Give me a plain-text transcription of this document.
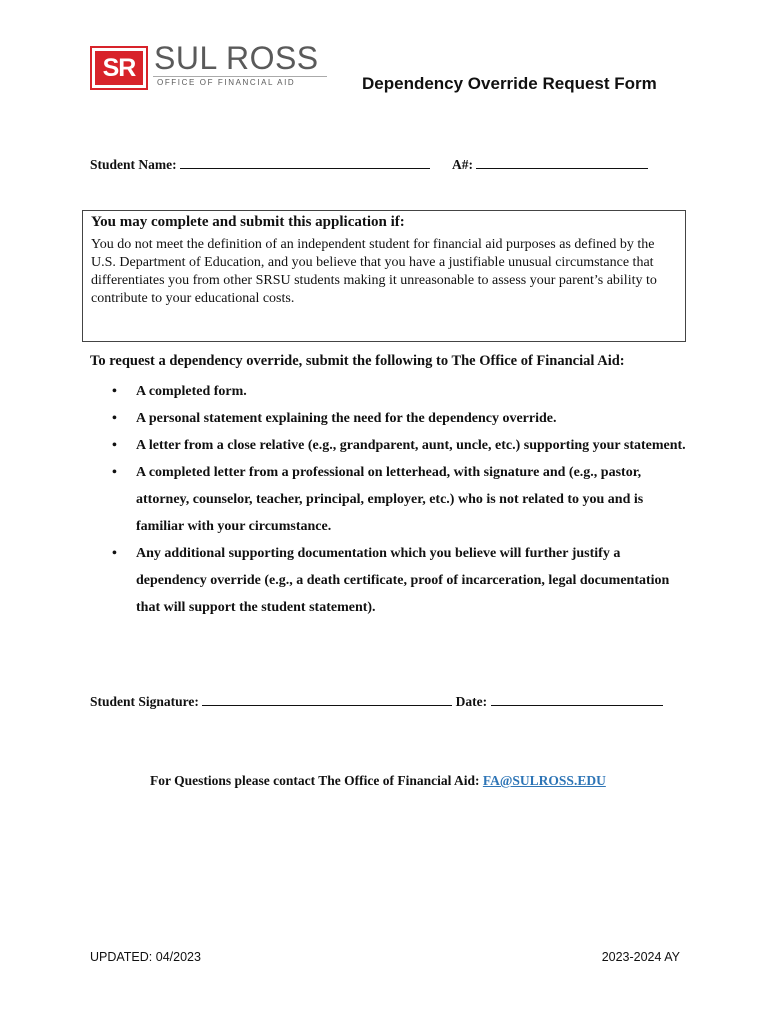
SR SUL ROSS
OFFICE OF FINANCIAL AID	Dependency Override Request Form
Student Name:	A#:

You may complete and submit this application if:

You do not meet the definition of an independent student for financial aid purposes as defined by the U.S. Department of Education, and you believe that you have a justifiable unusual circumstance that differentiates you from other SRSU students making it unreasonable to assess your parent’s ability to contribute to your educational costs.

To request a dependency override, submit the following to The Office of Financial Aid:
• A completed form.
• A personal statement explaining the need for the dependency override.
• A letter from a close relative (e.g., grandparent, aunt, uncle, etc.) supporting your statement.
• A completed letter from a professional on letterhead, with signature and (e.g., pastor, attorney, counselor, teacher, principal, employer, etc.) who is not related to you and is familiar with your circumstance.
• Any additional supporting documentation which you believe will further justify a dependency override (e.g., a death certificate, proof of incarceration, legal documentation that will support the student statement).
Student Signature:	Date:
For Questions please contact The Office of Financial Aid: FA@SULROSS.EDU
UPDATED: 04/2023	2023-2024 AY
